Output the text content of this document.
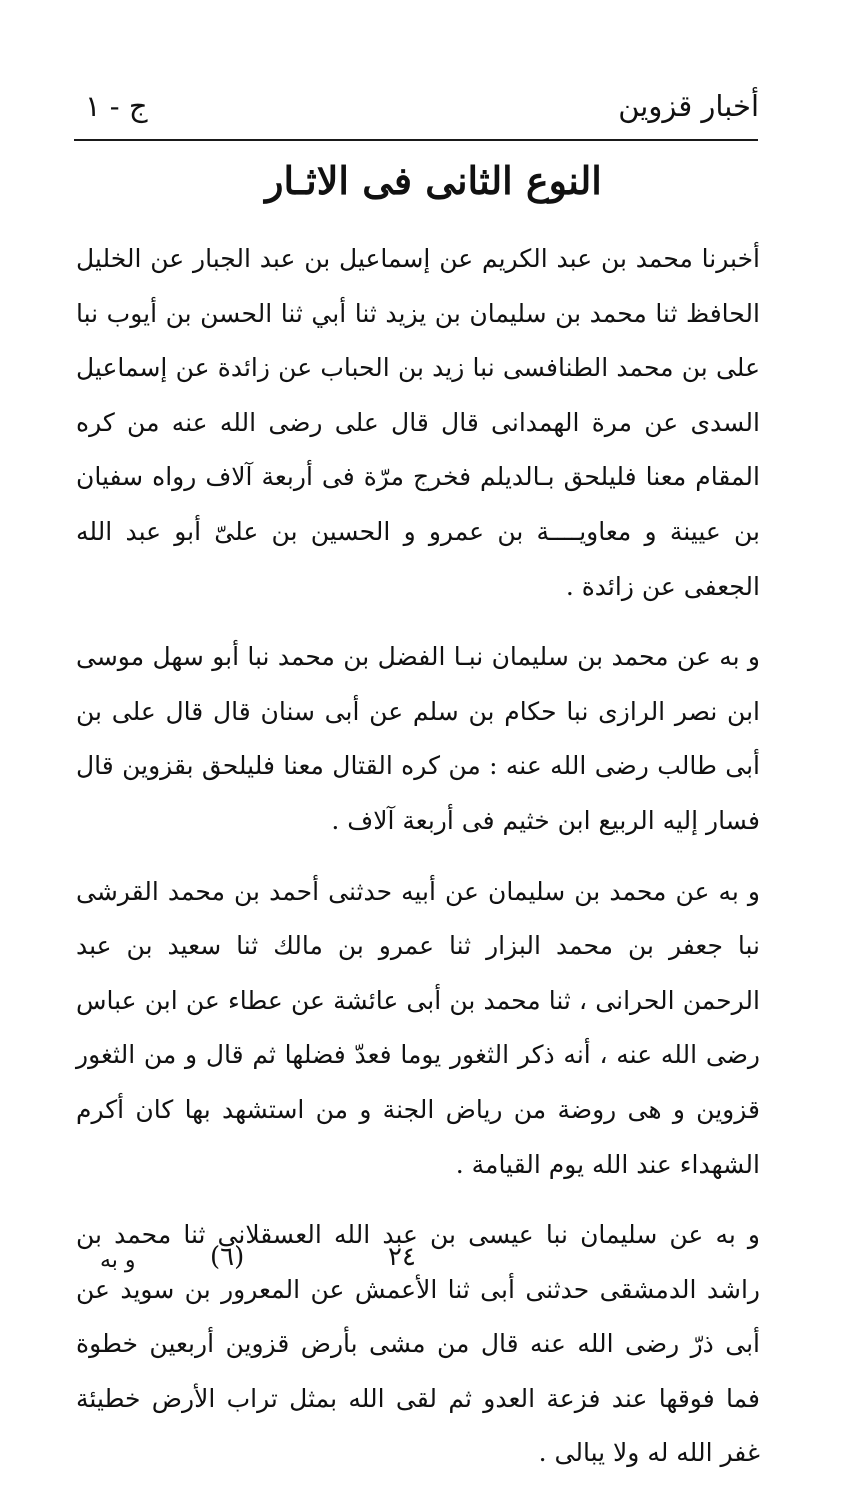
أخبار قزوين
ج - ١
النوع الثانى فى الاثـار

أخبرنا محمد بن عبد الكريم عن إسماعيل بن عبد الجبار عن الخليل الحافظ ثنا محمد بن سليمان بن يزيد ثنا أبي ثنا الحسن بن أيوب نبا على بن محمد الطنافسى نبا زيد بن الحباب عن زائدة عن إسماعيل السدى عن مرة الهمدانى قال قال على رضى الله عنه من كره المقام معنا فليلحق بـالديلم فخرج مرّة فى أربعة آلاف رواه سفيان بن عيينة و معاويــــة بن عمرو و الحسين بن علىّ أبو عبد الله الجعفى عن زائدة .

و به عن محمد بن سليمان نبـا الفضل بن محمد نبا أبو سهل موسى ابن نصر الرازى نبا حكام بن سلم عن أبى سنان قال قال على بن أبى طالب رضى الله عنه : من كره القتال معنا فليلحق بقزوين قال فسار إليه الربيع ابن خثيم فى أربعة آلاف .

و به عن محمد بن سليمان عن أبيه حدثنى أحمد بن محمد القرشى نبا جعفر بن محمد البزار ثنا عمرو بن مالك ثنا سعيد بن عبد الرحمن الحرانى ، ثنا محمد بن أبى عائشة عن عطاء عن ابن عباس رضى الله عنه ، أنه ذكر الثغور يوما فعدّ فضلها ثم قال و من الثغور قزوين و هى روضة من رياض الجنة و من استشهد بها كان أكرم الشهداء عند الله يوم القيامة .

و به عن سليمان نبا عيسى بن عبد الله العسقلانى ثنا محمد بن راشد الدمشقى حدثنى أبى ثنا الأعمش عن المعرور بن سويد عن أبى ذرّ رضى الله عنه قال من مشى بأرض قزوين أربعين خطوة فما فوقها عند فزعة العدو ثم لقى الله بمثل تراب الأرض خطيئة غفر الله له ولا يبالى .

و به	(٦)	٢٤
